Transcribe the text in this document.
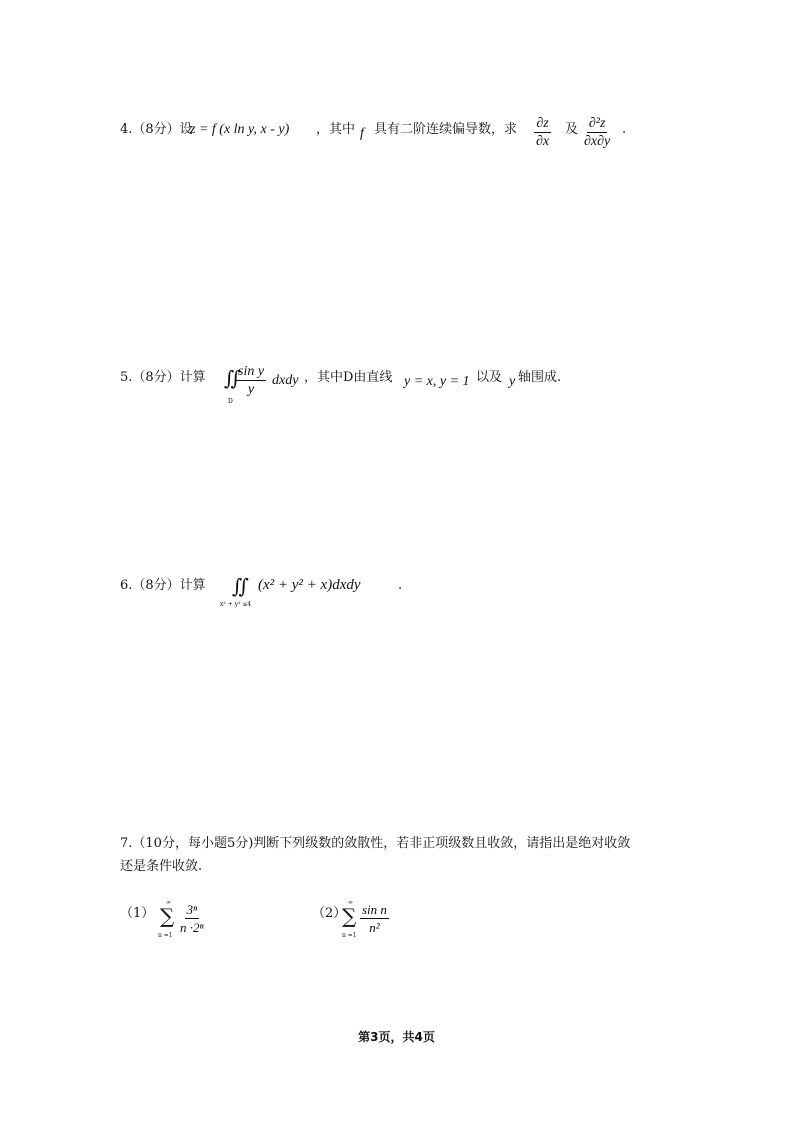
4.（8分）设
z = f (x ln y, x - y) ，其中 f 具有二阶连续偏导数，求 $\frac{\partial z}{\partial x}$ 及 $\frac{\text{∂²z}}{\partial x\partial y}$ .
5.（8分）计算 ∬
D
$\frac{\text{sin y}}{y}$ dxdy ，其中D由直线 y = x, y = 1 以及 y 轴围成.
6.（8分）计算 ∬
x² + y² ≤4
(x² + y² + x)dxdy	.
7.（10分，每小题5分)判断下列级数的敛散性，若非正项级数且收敛，请指出是绝对收敛
还是条件收敛.
（1）
∞
∑
n =1
$\frac{\text{3ⁿ}}{\text{n ·2ⁿ}}$	（2）
∞
∑
n =1
$\frac{\text{sin n}}{\text{n²}}$
第3页，共4页
